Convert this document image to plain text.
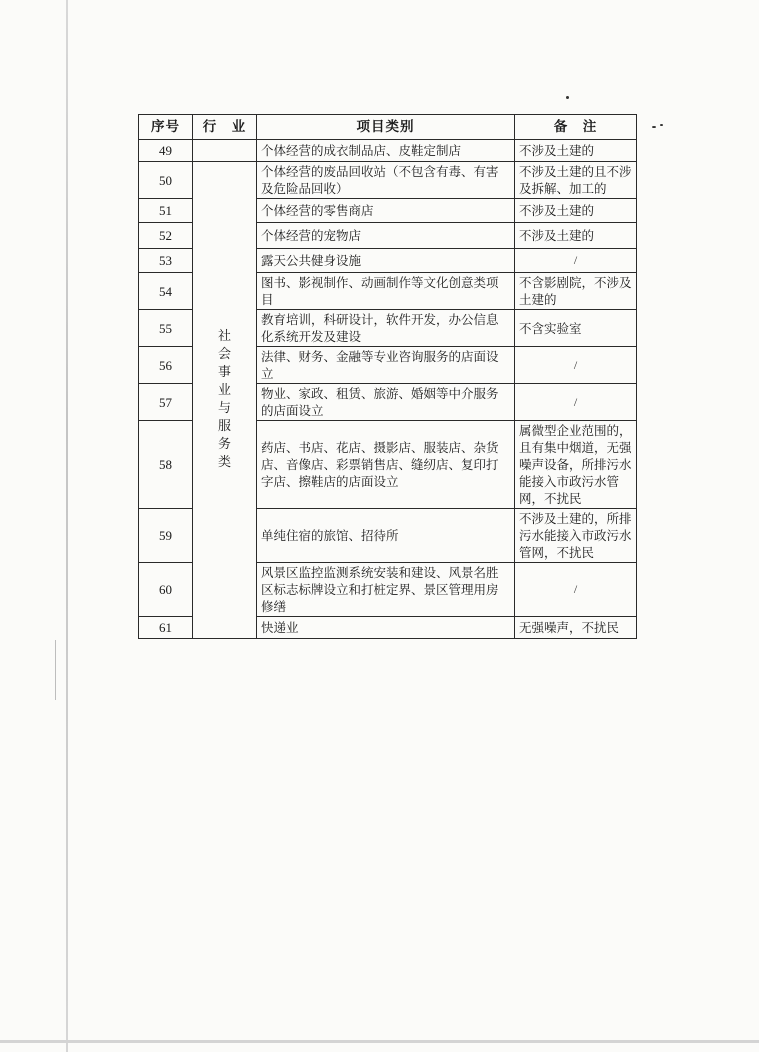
序号	行　业	项目类别	备　注
49		个体经营的成衣制品店、皮鞋定制店	不涉及土建的
50	社会事业与服务类	个体经营的废品回收站（不包含有毒、有害及危险品回收）	不涉及土建的且不涉及拆解、加工的
51		个体经营的零售商店	不涉及土建的
52		个体经营的宠物店	不涉及土建的
53		露天公共健身设施	/
54		图书、影视制作、动画制作等文化创意类项目	不含影剧院，不涉及土建的
55		教育培训，科研设计，软件开发，办公信息化系统开发及建设	不含实验室
56		法律、财务、金融等专业咨询服务的店面设立	/
57		物业、家政、租赁、旅游、婚姻等中介服务的店面设立	/
58		药店、书店、花店、摄影店、服装店、杂货店、音像店、彩票销售店、缝纫店、复印打字店、擦鞋店的店面设立	属微型企业范围的，且有集中烟道，无强噪声设备，所排污水能接入市政污水管网，不扰民
59		单纯住宿的旅馆、招待所	不涉及土建的，所排污水能接入市政污水管网，不扰民
60		风景区监控监测系统安装和建设、风景名胜区标志标牌设立和打桩定界、景区管理用房修缮	/
61		快递业	无强噪声，不扰民
